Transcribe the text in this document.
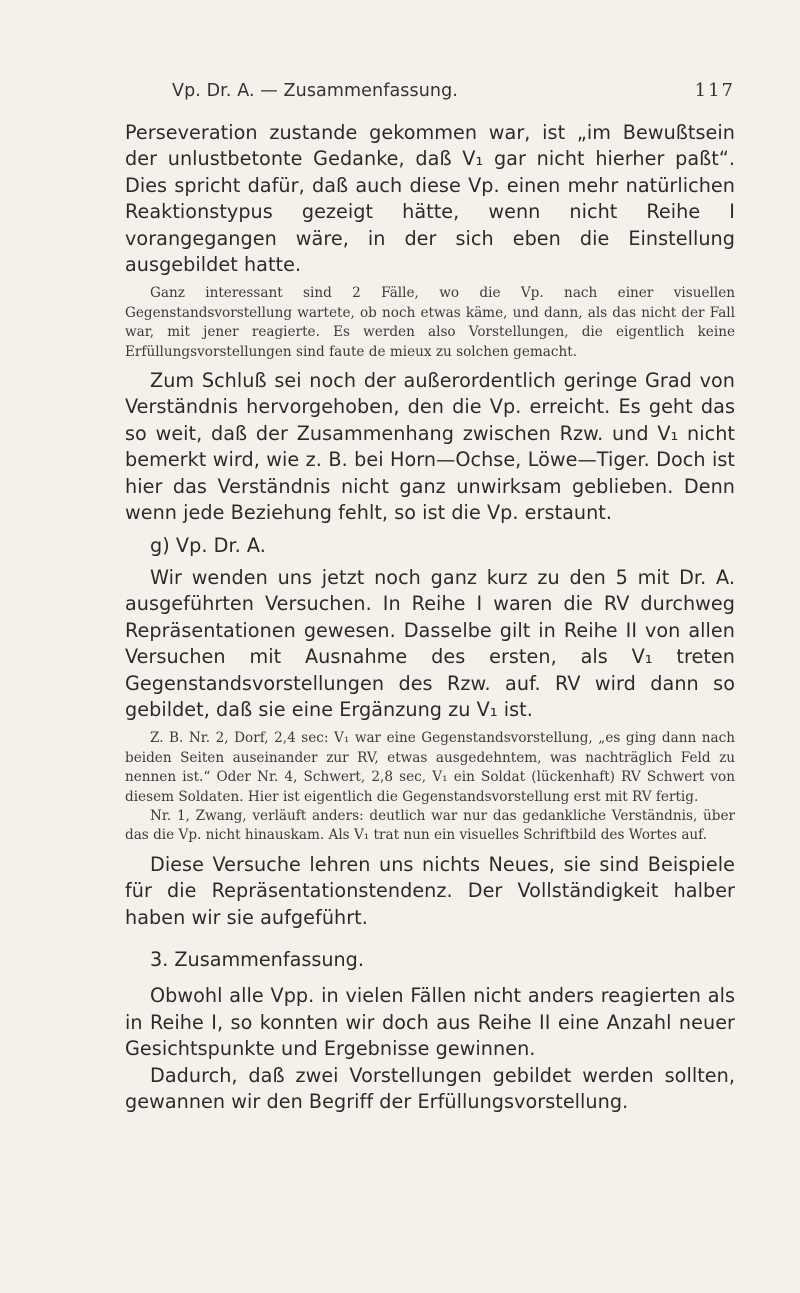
Vp. Dr. A. — Zusammenfassung.	117

Perseveration zustande gekommen war, ist „im Bewußtsein der unlustbetonte Gedanke, daß V₁ gar nicht hierher paßt“. Dies spricht dafür, daß auch diese Vp. einen mehr natürlichen Reaktionstypus gezeigt hätte, wenn nicht Reihe I vorangegangen wäre, in der sich eben die Einstellung ausgebildet hatte.

Ganz interessant sind 2 Fälle, wo die Vp. nach einer visuellen Gegenstandsvorstellung wartete, ob noch etwas käme, und dann, als das nicht der Fall war, mit jener reagierte. Es werden also Vorstellungen, die eigentlich keine Erfüllungsvorstellungen sind faute de mieux zu solchen gemacht.

Zum Schluß sei noch der außerordentlich geringe Grad von Verständnis hervorgehoben, den die Vp. erreicht. Es geht das so weit, daß der Zusammenhang zwischen Rzw. und V₁ nicht bemerkt wird, wie z. B. bei Horn—Ochse, Löwe—Tiger. Doch ist hier das Verständnis nicht ganz unwirksam geblieben. Denn wenn jede Beziehung fehlt, so ist die Vp. erstaunt.

g) Vp. Dr. A.

Wir wenden uns jetzt noch ganz kurz zu den 5 mit Dr. A. ausgeführten Versuchen. In Reihe I waren die RV durchweg Repräsentationen gewesen. Dasselbe gilt in Reihe II von allen Versuchen mit Ausnahme des ersten, als V₁ treten Gegenstandsvorstellungen des Rzw. auf. RV wird dann so gebildet, daß sie eine Ergänzung zu V₁ ist.

Z. B. Nr. 2, Dorf, 2,4 sec: V₁ war eine Gegenstandsvorstellung, „es ging dann nach beiden Seiten auseinander zur RV, etwas ausgedehntem, was nachträglich Feld zu nennen ist.“ Oder Nr. 4, Schwert, 2,8 sec, V₁ ein Soldat (lückenhaft) RV Schwert von diesem Soldaten. Hier ist eigentlich die Gegenstandsvorstellung erst mit RV fertig.

Nr. 1, Zwang, verläuft anders: deutlich war nur das gedankliche Verständnis, über das die Vp. nicht hinauskam. Als V₁ trat nun ein visuelles Schriftbild des Wortes auf.

Diese Versuche lehren uns nichts Neues, sie sind Beispiele für die Repräsentationstendenz. Der Vollständigkeit halber haben wir sie aufgeführt.

3. Zusammenfassung.

Obwohl alle Vpp. in vielen Fällen nicht anders reagierten als in Reihe I, so konnten wir doch aus Reihe II eine Anzahl neuer Gesichtspunkte und Ergebnisse gewinnen.

Dadurch, daß zwei Vorstellungen gebildet werden sollten, gewannen wir den Begriff der Erfüllungsvorstellung.
